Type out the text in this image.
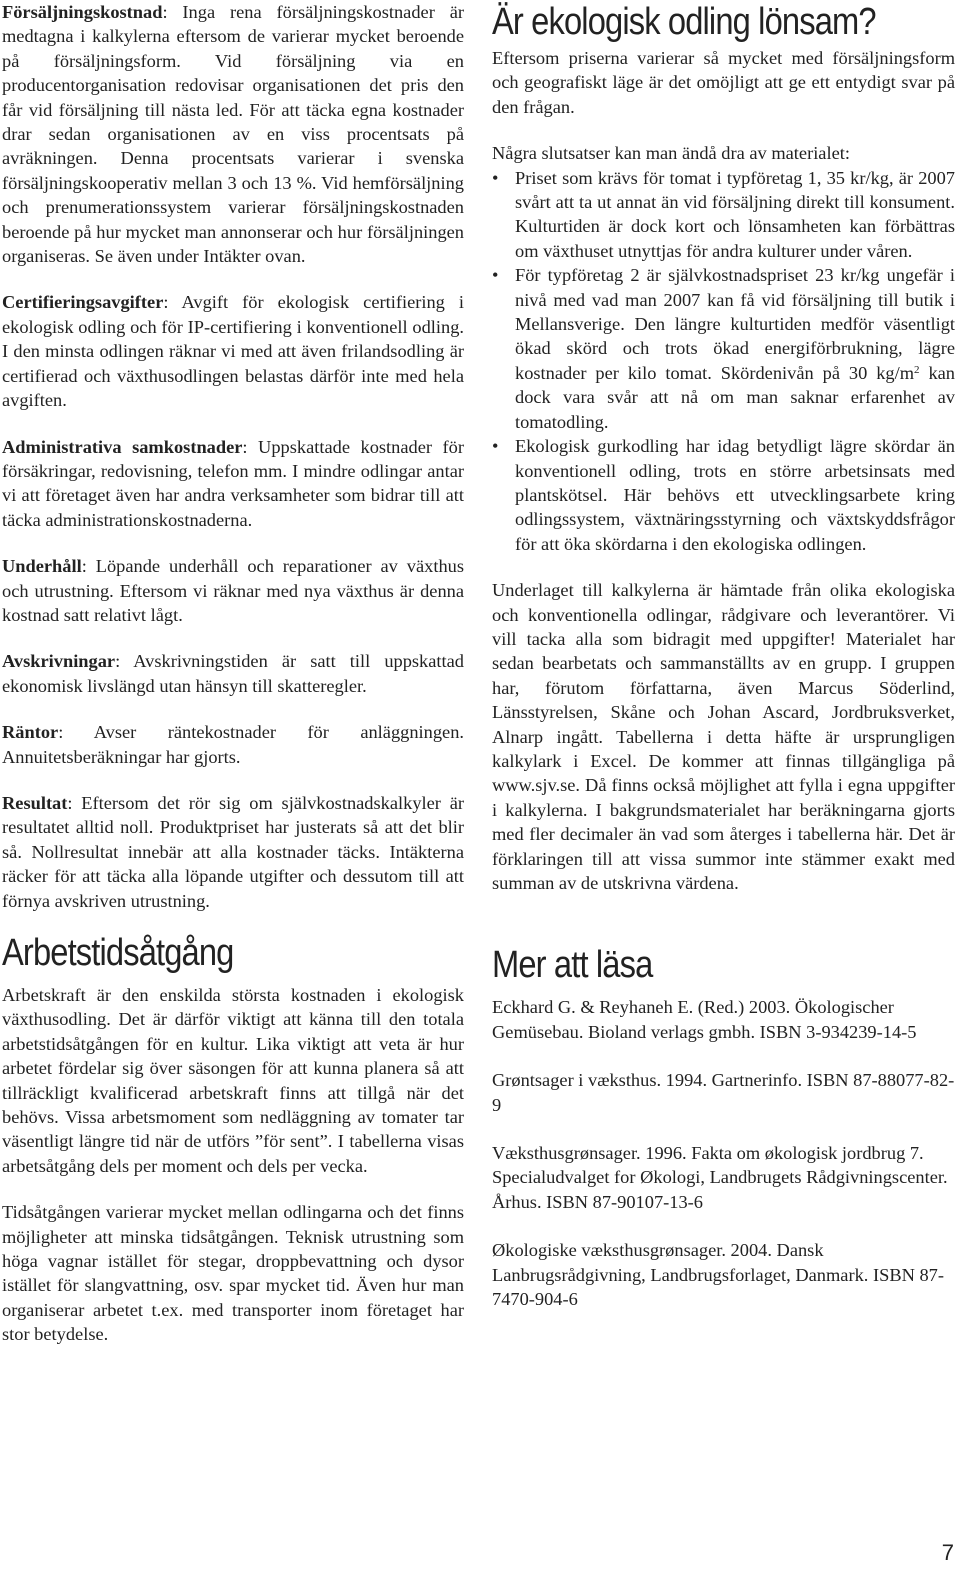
Försäljningskostnad: Inga rena försäljningskostnader är medtagna i kalkylerna eftersom de varierar mycket beroende på försäljningsform. Vid försäljning via en producentorganisation redovisar organisationen det pris den får vid försäljning till nästa led. För att täcka egna kostnader drar sedan organisationen av en viss procentsats på avräkningen. Denna procentsats varierar i svenska försäljningskooperativ mellan 3 och 13 %. Vid hemförsäljning och prenumerationssystem varierar försäljningskostnaden beroende på hur mycket man annonserar och hur försäljningen organiseras. Se även under Intäkter ovan.

Certifieringsavgifter: Avgift för ekologisk certifiering i ekologisk odling och för IP-certifiering i konventionell odling. I den minsta odlingen räknar vi med att även frilandsodling är certifierad och växthusodlingen belastas därför inte med hela avgiften.

Administrativa samkostnader: Uppskattade kostnader för försäkringar, redovisning, telefon mm. I mindre odlingar antar vi att företaget även har andra verksamheter som bidrar till att täcka administrationskostnaderna.

Underhåll: Löpande underhåll och reparationer av växthus och utrustning. Eftersom vi räknar med nya växthus är denna kostnad satt relativt lågt.

Avskrivningar: Avskrivningstiden är satt till uppskattad ekonomisk livslängd utan hänsyn till skatteregler.

Räntor: Avser räntekostnader för anläggningen. Annuitetsberäkningar har gjorts.

Resultat: Eftersom det rör sig om självkostnadskalkyler är resultatet alltid noll. Produktpriset har justerats så att det blir så. Nollresultat innebär att alla kostnader täcks. Intäkterna räcker för att täcka alla löpande utgifter och dessutom till att förnya avskriven utrustning.

Arbetstidsåtgång

Arbetskraft är den enskilda största kostnaden i ekologisk växthusodling. Det är därför viktigt att känna till den totala arbetstidsåtgången för en kultur. Lika viktigt att veta är hur arbetet fördelar sig över säsongen för att kunna planera så att tillräckligt kvalificerad arbetskraft finns att tillgå när det behövs. Vissa arbetsmoment som nedläggning av tomater tar väsentligt längre tid när de utförs ”för sent”. I tabellerna visas arbetsåtgång dels per moment och dels per vecka.

Tidsåtgången varierar mycket mellan odlingarna och det finns möjligheter att minska tidsåtgången. Teknisk utrustning som höga vagnar istället för stegar, droppbevattning och dysor istället för slangvattning, osv. spar mycket tid. Även hur man organiserar arbetet t.ex. med transporter inom företaget har stor betydelse.

Är ekologisk odling lönsam?

Eftersom priserna varierar så mycket med försäljningsform och geografiskt läge är det omöjligt att ge ett entydigt svar på den frågan.

Några slutsatser kan man ändå dra av materialet:

• Priset som krävs för tomat i typföretag 1, 35 kr/kg, är 2007 svårt att ta ut annat än vid försäljning direkt till konsument. Kulturtiden är dock kort och lönsamheten kan förbättras om växthuset utnyttjas för andra kulturer under våren.
• För typföretag 2 är självkostnadspriset 23 kr/kg ungefär i nivå med vad man 2007 kan få vid försäljning till butik i Mellansverige. Den längre kulturtiden medför väsentligt ökad skörd och trots ökad energiförbrukning, lägre kostnader per kilo tomat. Skördenivån på 30 $kg/m^2$ kan dock vara svår att nå om man saknar erfarenhet av tomatodling.
• Ekologisk gurkodling har idag betydligt lägre skördar än konventionell odling, trots en större arbetsinsats med plantskötsel. Här behövs ett utvecklingsarbete kring odlingssystem, växtnäringsstyrning och växtskyddsfrågor för att öka skördarna i den ekologiska odlingen.

Underlaget till kalkylerna är hämtade från olika ekologiska och konventionella odlingar, rådgivare och leverantörer. Vi vill tacka alla som bidragit med uppgifter! Materialet har sedan bearbetats och sammanställts av en grupp. I gruppen har, förutom författarna, även Marcus Söderlind, Länsstyrelsen, Skåne och Johan Ascard, Jordbruksverket, Alnarp ingått. Tabellerna i detta häfte är ursprungligen kalkylark i Excel. De kommer att finnas tillgängliga på www.sjv.se. Då finns också möjlighet att fylla i egna uppgifter i kalkylerna. I bakgrundsmaterialet har beräkningarna gjorts med fler decimaler än vad som återges i tabellerna här. Det är förklaringen till att vissa summor inte stämmer exakt med summan av de utskrivna värdena.

Mer att läsa

Eckhard G. & Reyhaneh E. (Red.) 2003. Ökologischer Gemüsebau. Bioland verlags gmbh. ISBN 3-934239-14-5

Grøntsager i væksthus. 1994. Gartnerinfo. ISBN 87-88077-82-9

Væksthusgrønsager. 1996. Fakta om økologisk jordbrug 7. Specialudvalget for Økologi, Landbrugets Rådgivningscenter. Århus. ISBN 87-90107-13-6

Økologiske væksthusgrønsager. 2004. Dansk Lanbrugsrådgivning, Landbrugsforlaget, Danmark. ISBN 87-7470-904-6

7
